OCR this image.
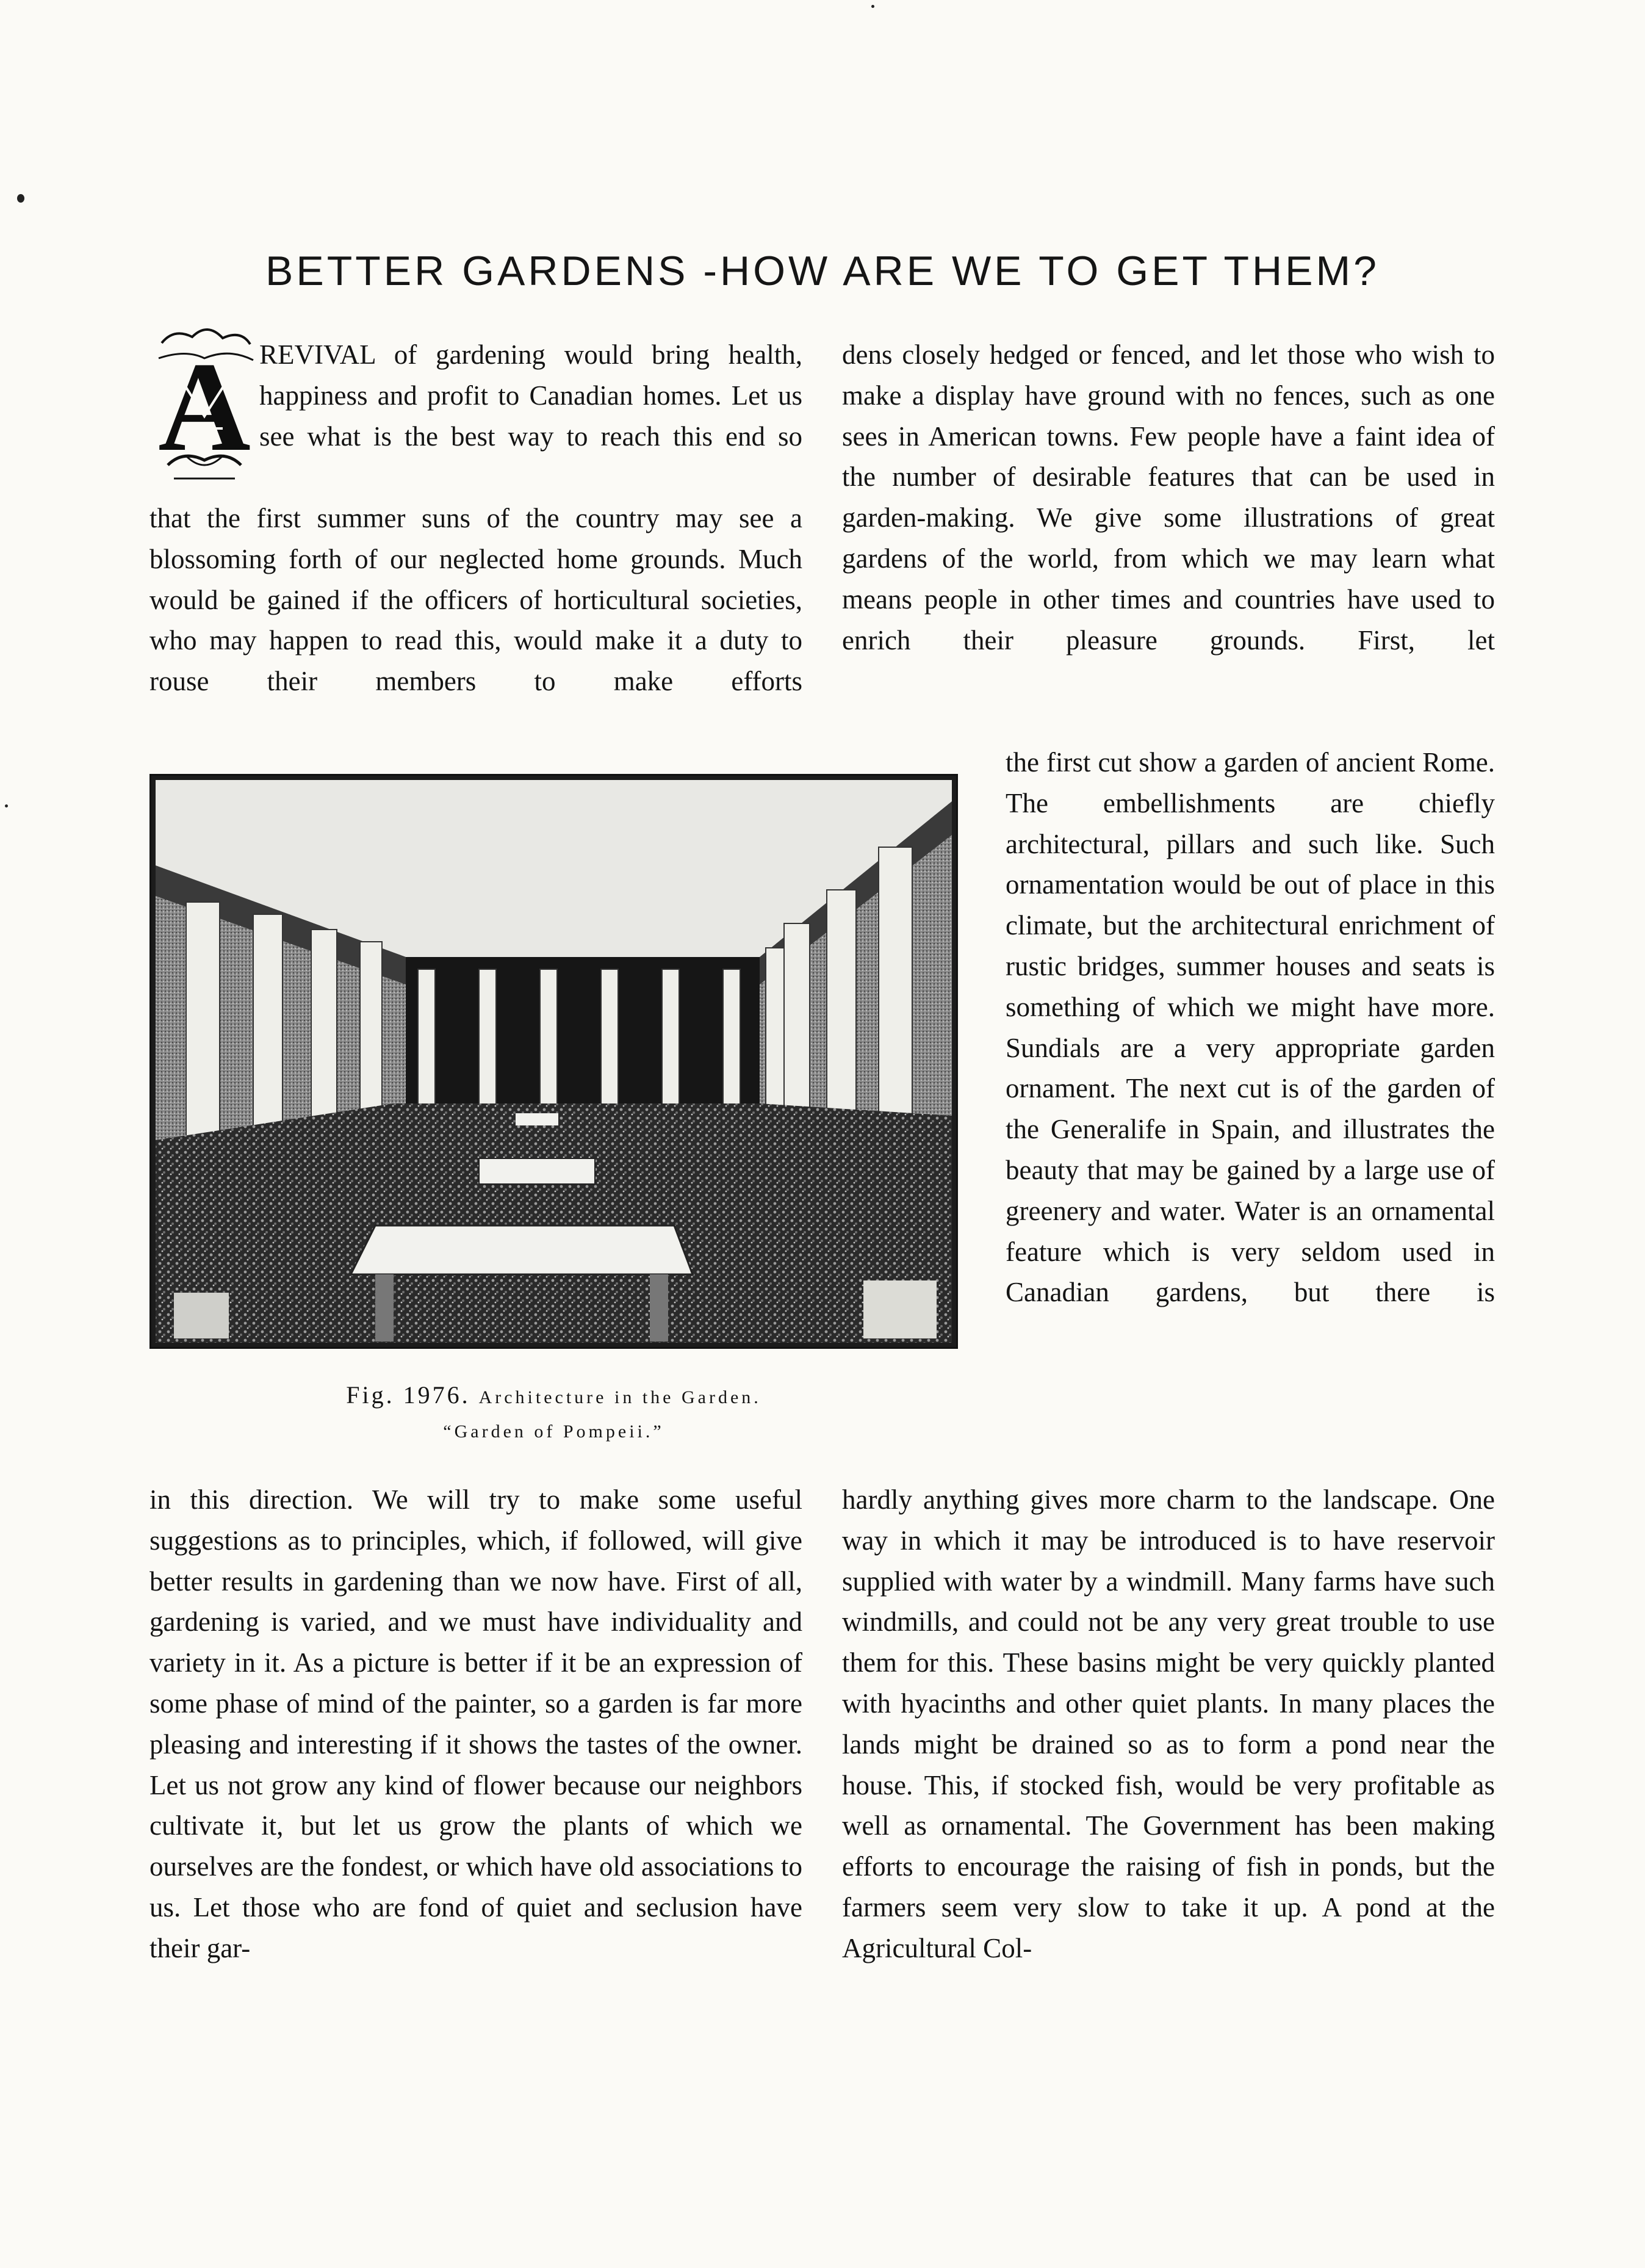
BETTER GARDENS -HOW ARE WE TO GET THEM?
A REVIVAL of gardening would bring health, happiness and profit to Canadian homes. Let us see what is the best way to reach this end so

that the first summer suns of the country may see a blossoming forth of our neglected home grounds. Much would be gained if the officers of horticultural societies, who may happen to read this, would make it a duty to rouse their members to make efforts

Fig. 1976. Architecture in the Garden.

“Garden of Pompeii.”

in this direction. We will try to make some useful suggestions as to principles, which, if followed, will give better results in gardening than we now have. First of all, gardening is varied, and we must have individuality and variety in it. As a picture is better if it be an expression of some phase of mind of the painter, so a garden is far more pleasing and interesting if it shows the tastes of the owner. Let us not grow any kind of flower because our neighbors cultivate it, but let us grow the plants of which we ourselves are the fondest, or which have old associations to us. Let those who are fond of quiet and seclusion have their gar-

dens closely hedged or fenced, and let those who wish to make a display have ground with no fences, such as one sees in American towns. Few people have a faint idea of the number of desirable features that can be used in garden-making. We give some illustrations of great gardens of the world, from which we may learn what means people in other times and countries have used to enrich their pleasure grounds. First, let

the first cut show a garden of ancient Rome. The embellishments are chiefly architectural, pillars and such like. Such ornamentation would be out of place in this climate, but the architectural enrichment of rustic bridges, summer houses and seats is something of which we might have more. Sundials are a very appropriate garden ornament. The next cut is of the garden of the Generalife in Spain, and illustrates the beauty that may be gained by a large use of greenery and water. Water is an ornamental feature which is very seldom used in Canadian gardens, but there is

hardly anything gives more charm to the landscape. One way in which it may be introduced is to have reservoir supplied with water by a windmill. Many farms have such windmills, and could not be any very great trouble to use them for this. These basins might be very quickly planted with hyacinths and other quiet plants. In many places the lands might be drained so as to form a pond near the house. This, if stocked fish, would be very profitable as well as ornamental. The Government has been making efforts to encourage the raising of fish in ponds, but the farmers seem very slow to take it up. A pond at the Agricultural Col-
